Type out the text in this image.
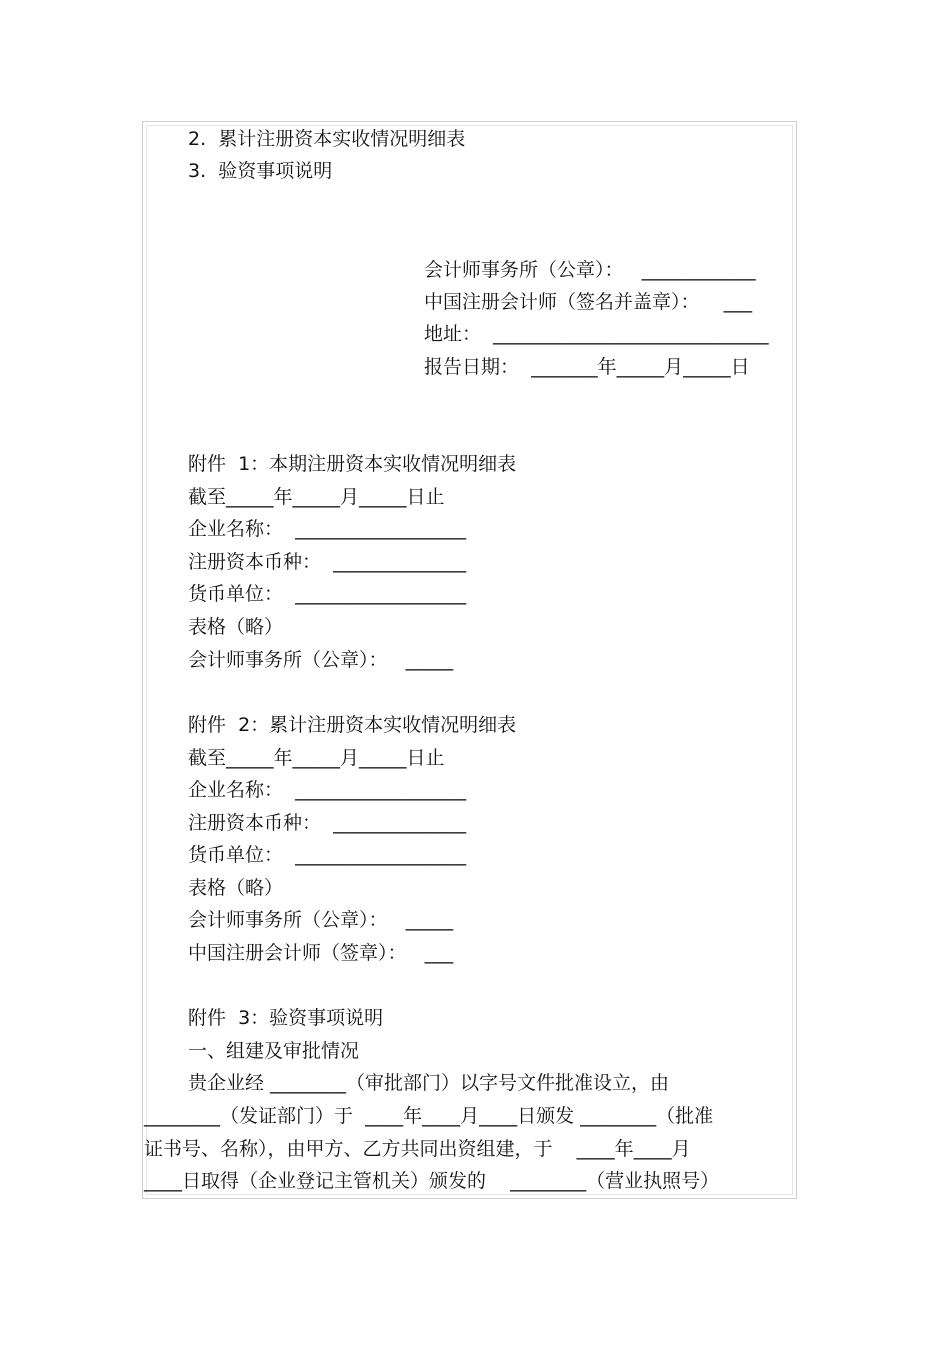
2.  累计注册资本实收情况明细表
3.  验资事项说明
会计师事务所（公章）：   ____________
中国注册会计师（签名并盖章）：    ___
地址：  _____________________________
报告日期：  _______年_____月_____日
附件  1：本期注册资本实收情况明细表
截至_____年_____月_____日止
企业名称：  __________________
注册资本币种：  ______________
货币单位：  __________________
表格（略）
会计师事务所（公章）：   _____
附件  2：累计注册资本实收情况明细表
截至_____年_____月_____日止
企业名称：  __________________
注册资本币种：  ______________
货币单位：  __________________
表格（略）
会计师事务所（公章）：   _____
中国注册会计师（签章）：   ___
附件  3：验资事项说明
一、组建及审批情况
贵企业经 ________（审批部门）以字号文件批准设立，由
________（发证部门）于  ____年____月____日颁发 ________（批准
证书号、名称），由甲方、乙方共同出资组建，于    ____年____月
____日取得（企业登记主管机关）颁发的    ________（营业执照号）
